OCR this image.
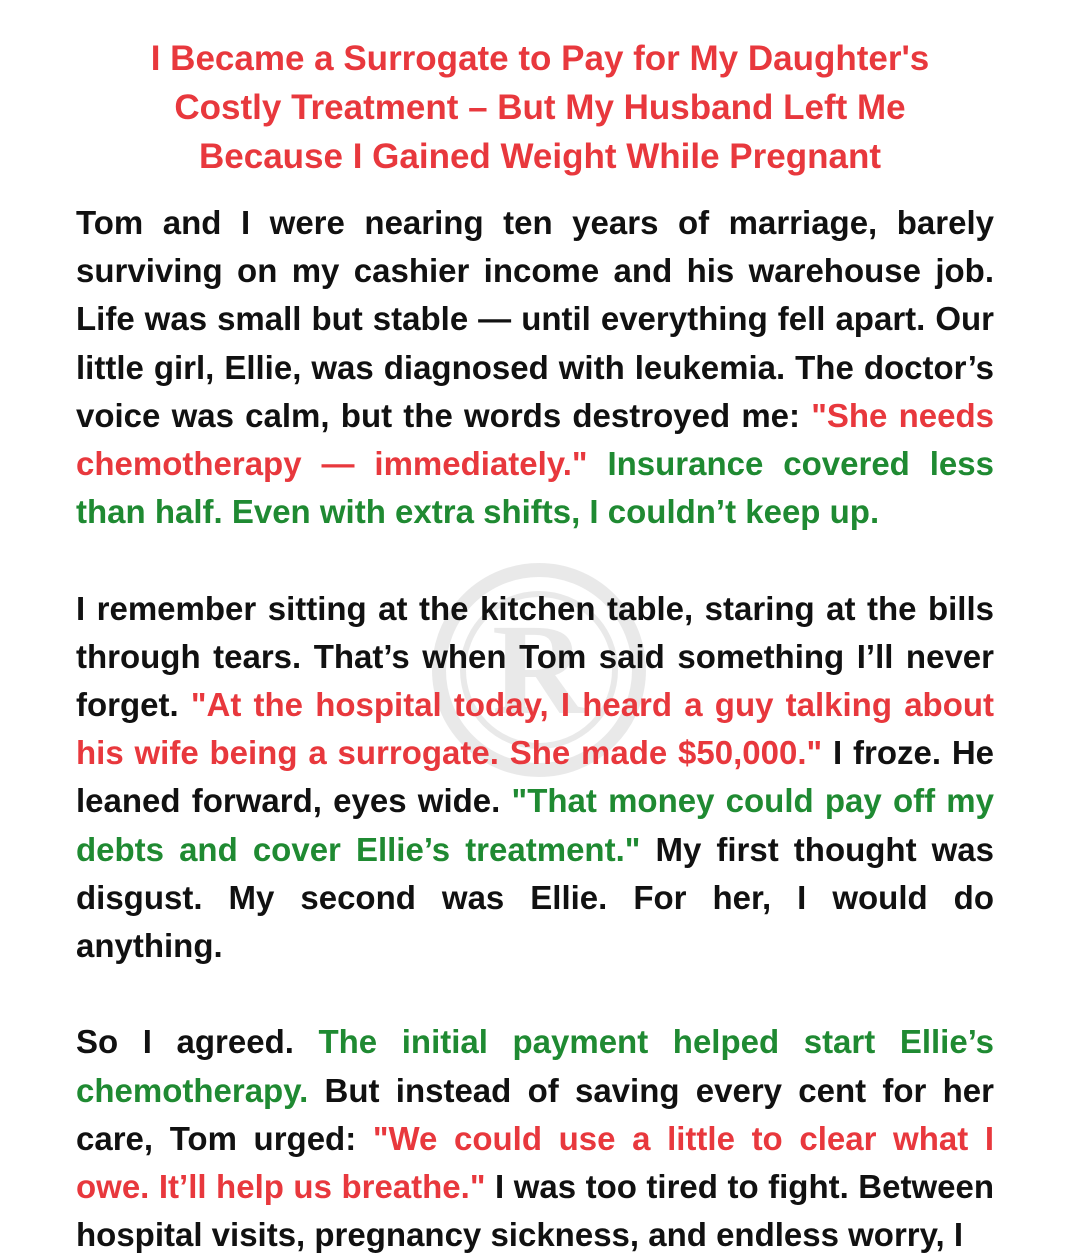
R
I Became a Surrogate to Pay for My Daughter's
Costly Treatment – But My Husband Left Me
Because I Gained Weight While Pregnant

Tom and I were nearing ten years of marriage, barely surviving on my cashier income and his warehouse job. Life was small but stable — until everything fell apart. Our little girl, Ellie, was diagnosed with leukemia. The doctor’s voice was calm, but the words destroyed me: "She needs chemotherapy — immediately." Insurance covered less than half. Even with extra shifts, I couldn’t keep up.

I remember sitting at the kitchen table, staring at the bills through tears. That’s when Tom said something I’ll never forget. "At the hospital today, I heard a guy talking about his wife being a surrogate. She made $50,000." I froze. He leaned forward, eyes wide. "That money could pay off my debts and cover Ellie’s treatment." My first thought was disgust. My second was Ellie. For her, I would do anything.

So I agreed. The initial payment helped start Ellie’s chemotherapy. But instead of saving every cent for her care, Tom urged: "We could use a little to clear what I owe. It’ll help us breathe." I was too tired to fight. Between hospital visits, pregnancy sickness, and endless worry, I
